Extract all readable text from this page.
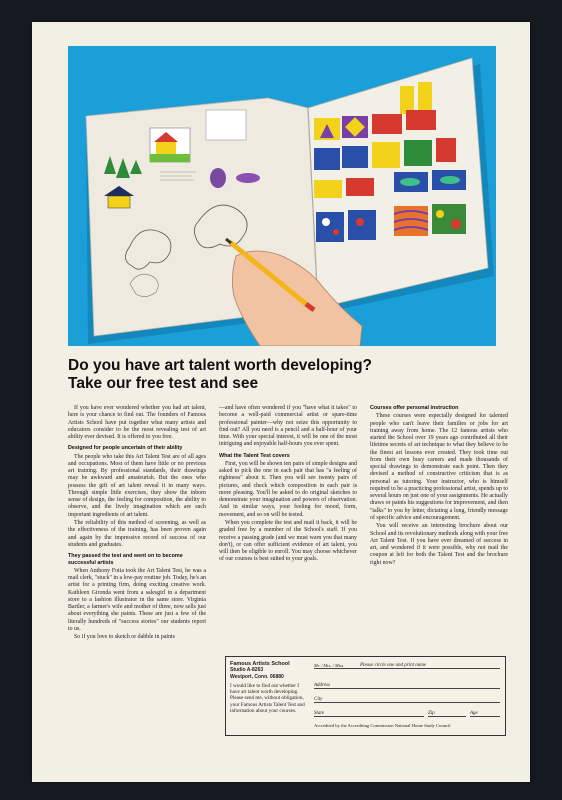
Do you have art talent worth developing?
Take our free test and see

If you have ever wondered whether you had art talent, here is your chance to find out. The founders of Famous Artists School have put together what many artists and educators consider to be the most revealing test of art ability ever devised. It is offered to you free.

Designed for people uncertain of their ability

The people who take this Art Talent Test are of all ages and occupations. Most of them have little or no previous art training. By professional standards, their drawings may be awkward and amateurish. But the ones who possess the gift of art talent reveal it in many ways. Through simple little exercises, they show the inborn sense of design, the feeling for composition, the ability to observe, and the lively imagination which are such important ingredients of art talent.

The reliability of this method of screening, as well as the effectiveness of the training, has been proven again and again by the impressive record of success of our students and graduates.

They passed the test and went on to become successful artists

When Anthony Fotia took the Art Talent Test, he was a mail clerk, "stuck" in a low-pay routine job. Today, he's an artist for a printing firm, doing exciting creative work. Kathleen Gironda went from a salesgirl in a department store to a fashion illustrator in the same store. Virginia Bartler, a farmer's wife and mother of three, now sells just about everything she paints. These are just a few of the literally hundreds of "success stories" our students report to us.

So if you love to sketch or dabble in paints

—and have often wondered if you "have what it takes" to become a well-paid commercial artist or spare-time professional painter—why not seize this opportunity to find out? All you need is a pencil and a half-hour of your time. With your special interest, it will be one of the most intriguing and enjoyable half-hours you ever spent.

What the Talent Test covers

First, you will be shown ten pairs of simple designs and asked to pick the one in each pair that has "a feeling of rightness" about it. Then you will see twenty pairs of pictures, and check which composition in each pair is more pleasing. You'll be asked to do original sketches to demonstrate your imagination and powers of observation. And in similar ways, your feeling for mood, form, movement, and so on will be tested.

When you complete the test and mail it back, it will be graded free by a member of the School's staff. If you receive a passing grade (and we must warn you that many don't), or can offer sufficient evidence of art talent, you will then be eligible to enroll. You may choose whichever of our courses is best suited to your goals.

Courses offer personal instruction

These courses were especially designed for talented people who can't leave their families or jobs for art training away from home. The 12 famous artists who started the School over 19 years ago contributed all their lifetime secrets of art technique to what they believe to be the finest art lessons ever created. They took time out from their own busy careers and made thousands of special drawings to demonstrate each point. Then they devised a method of constructive criticism that is as personal as tutoring. Your instructor, who is himself required to be a practicing professional artist, spends up to several hours on just one of your assignments. He actually draws or paints his suggestions for improvement, and then "talks" to you by letter, dictating a long, friendly message of specific advice and encouragement.

You will receive an interesting brochure about our School and its revolutionary methods along with your free Art Talent Test. If you have ever dreamed of success in art, and wondered if it were possible, why not mail the coupon at left for both the Talent Test and the brochure right now?

Famous Artists School
Studio A-8263
Westport, Conn. 06880
I would like to find out whether I have art talent worth developing. Please send me, without obligation, your Famous Artists Talent Test and information about your courses.
Mr. / Mrs. / Miss	Please circle one and print name
Address
City
State	Zip	Age
Accredited by the Accrediting Commission National Home Study Council
